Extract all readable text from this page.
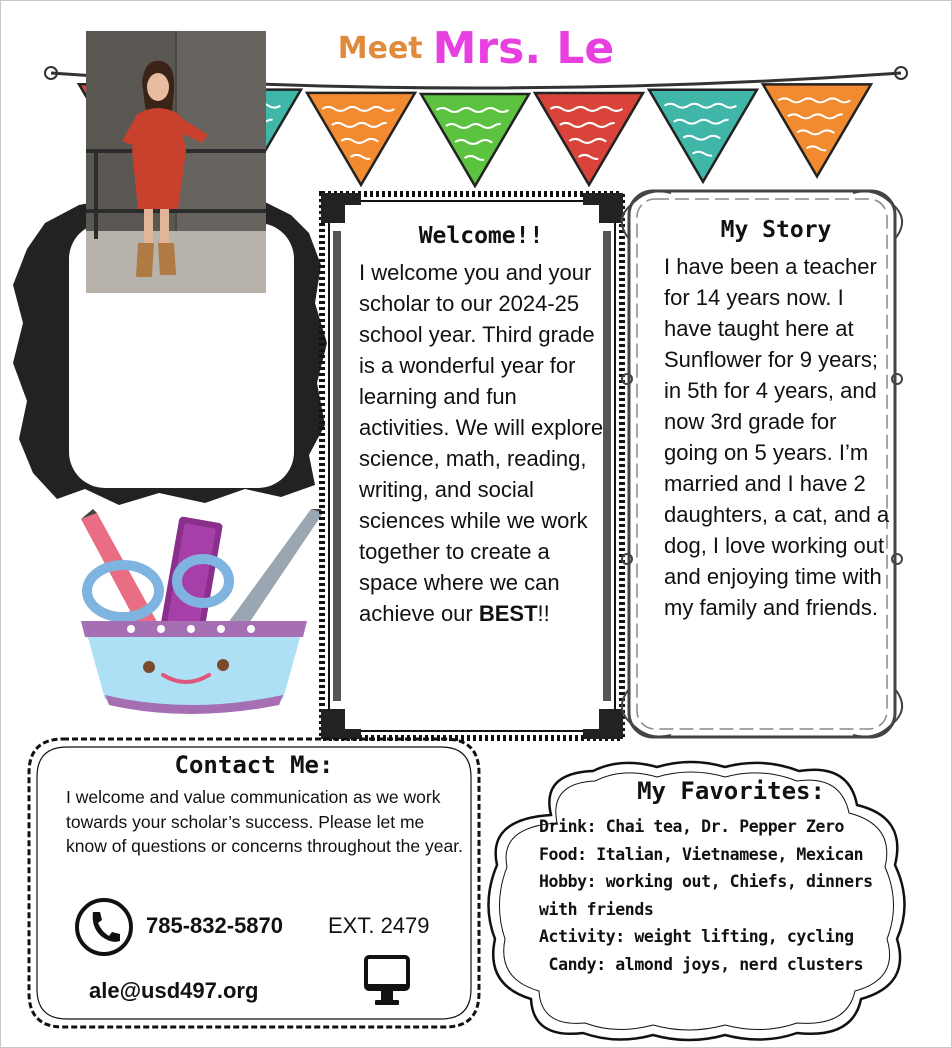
Meet Mrs. Le
Welcome!!
I welcome you and your scholar to our 2024-25 school year. Third grade is a wonderful year for learning and fun activities. We will explore science, math, reading, writing, and social sciences while we work together to create a space where we can achieve our BEST!!
My Story
I have been a teacher for 14 years now. I have taught here at Sunflower for 9 years; in 5th for 4 years, and now 3rd grade for going on 5 years. I’m married and I have 2 daughters, a cat, and a dog, I love working out and enjoying time with my family and friends.
Contact Me:
I welcome and value communication as we work towards your scholar’s success. Please let me know of questions or concerns throughout the year.
785-832-5870 EXT. 2479
ale@usd497.org
My Favorites:
Drink: Chai tea, Dr. Pepper Zero
Food: Italian, Vietnamese, Mexican
Hobby: working out, Chiefs, dinners
with friends
Activity: weight lifting, cycling
Candy: almond joys, nerd clusters
